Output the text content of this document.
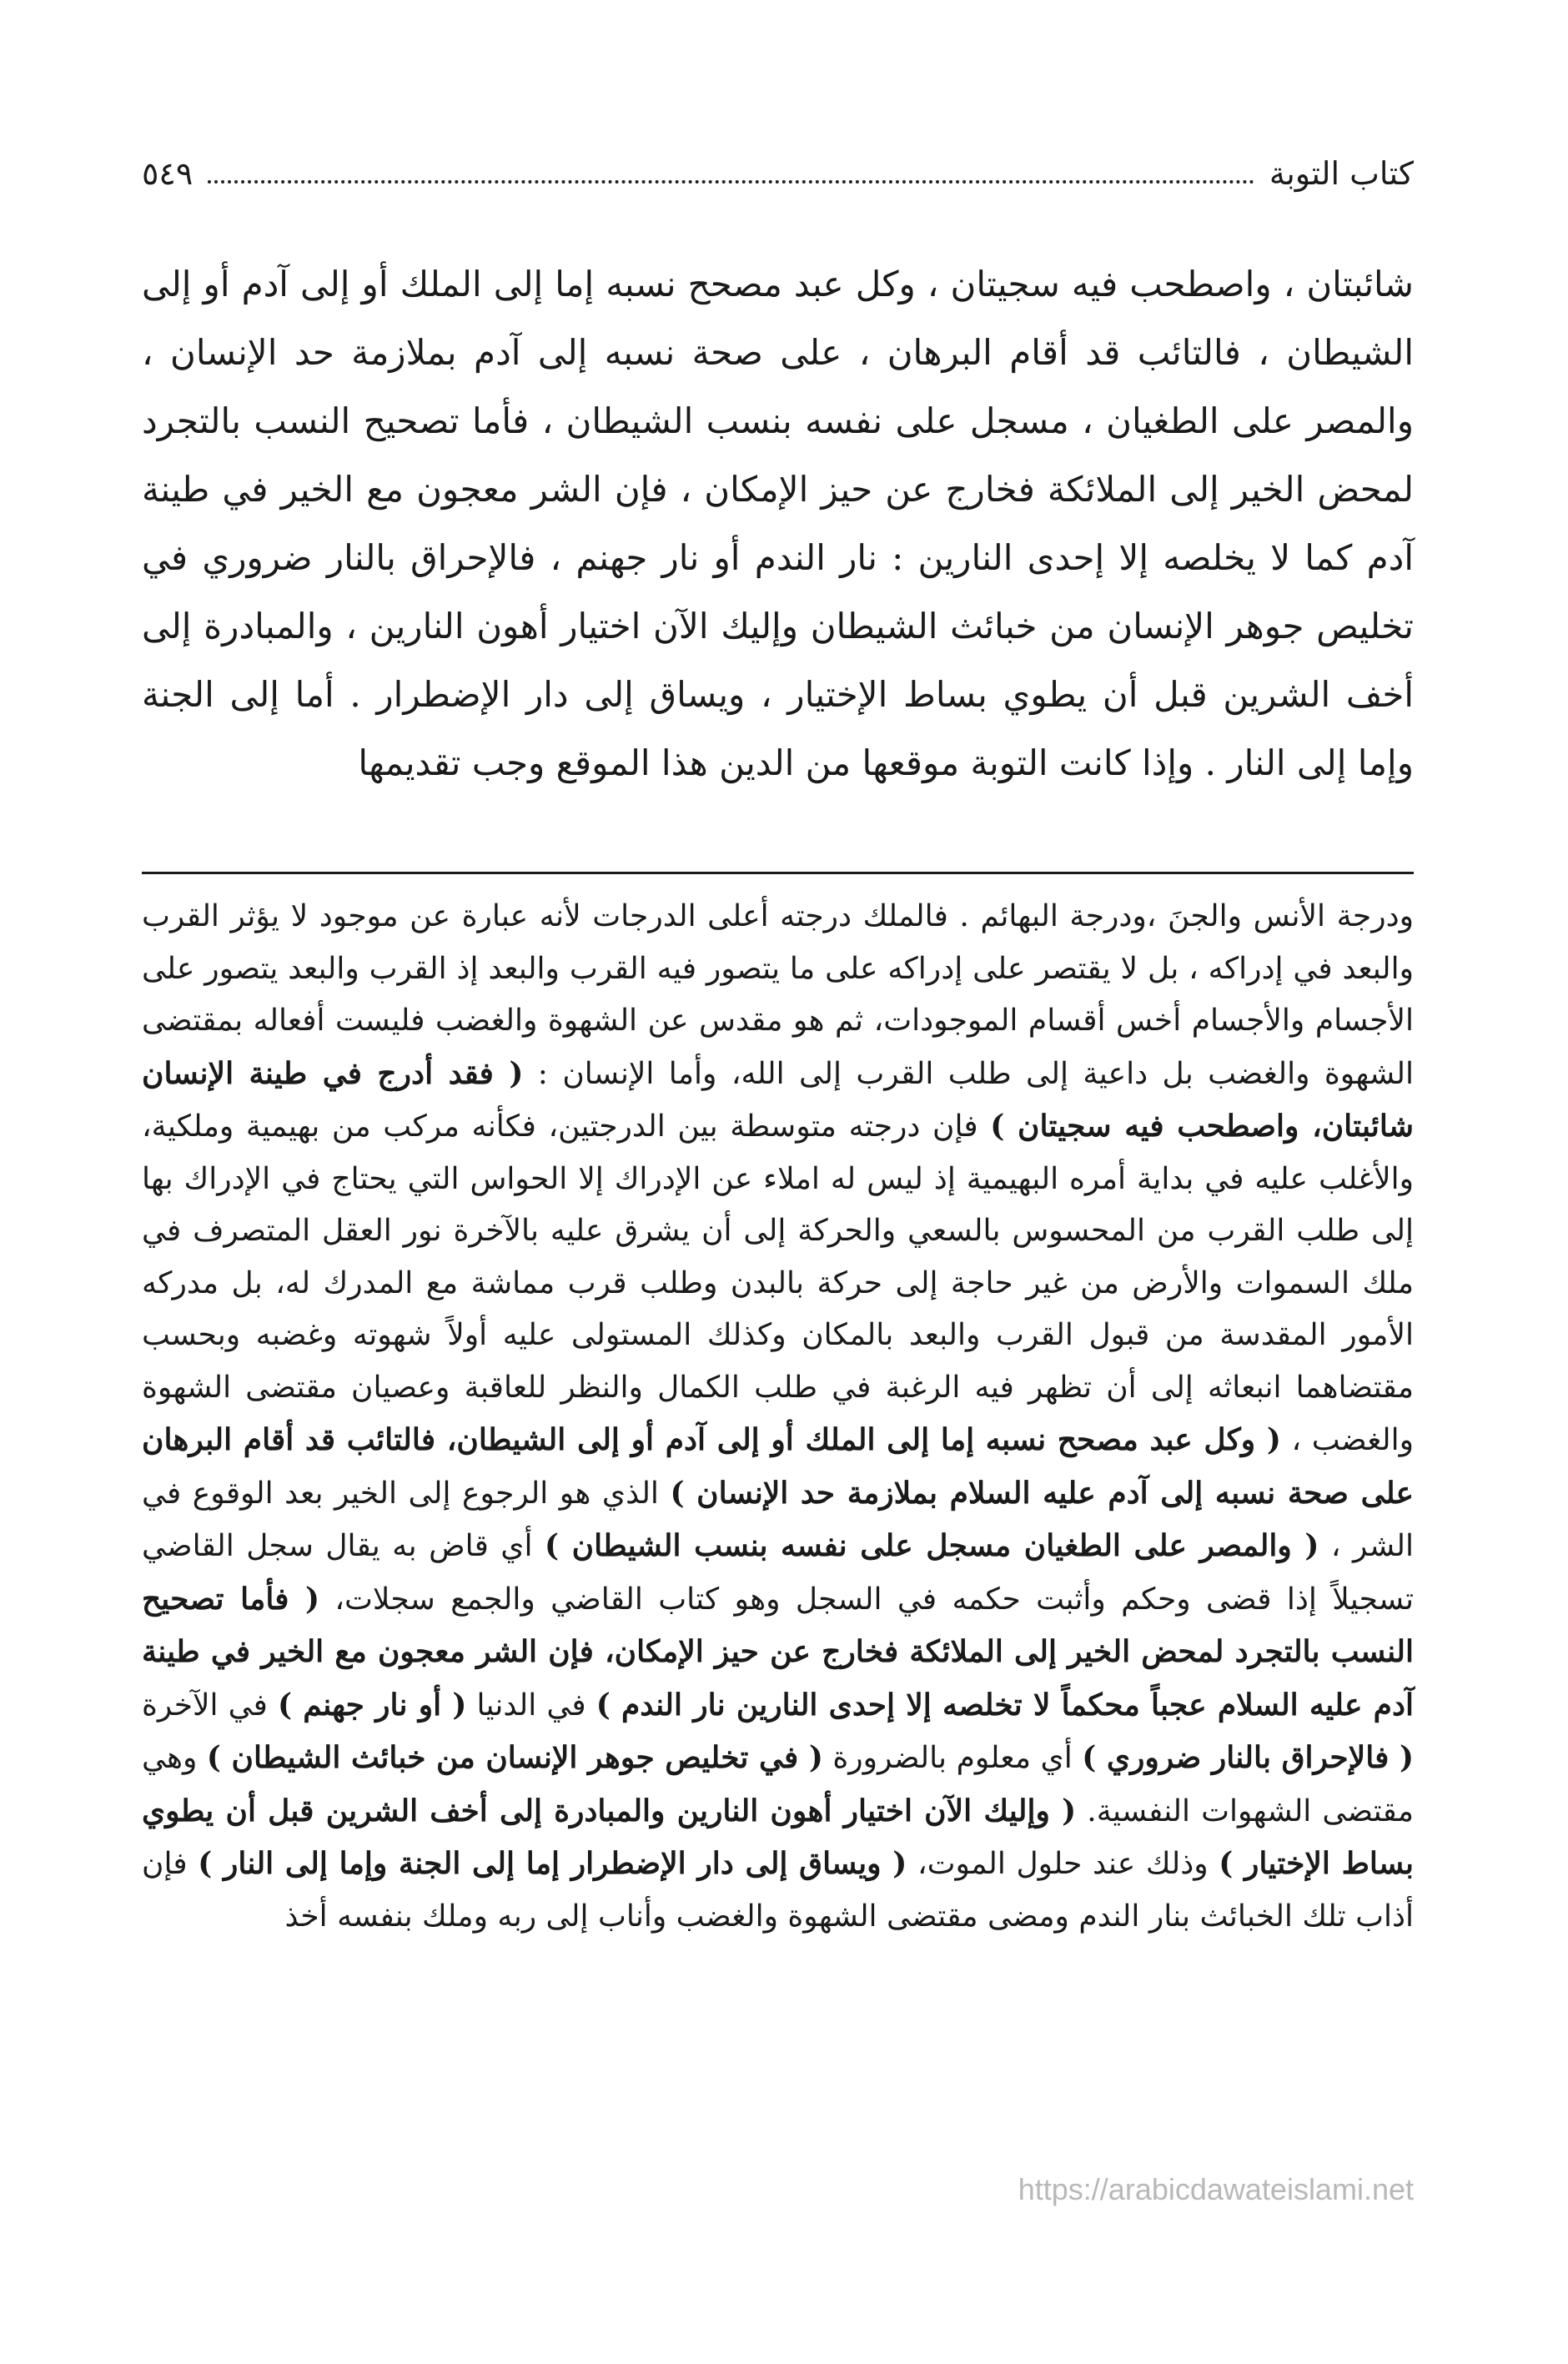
كتاب التوبة
٥٤٩

شائبتان ، واصطحب فيه سجيتان ، وكل عبد مصحح نسبه إما إلى الملك أو إلى آدم أو إلى الشيطان ، فالتائب قد أقام البرهان ، على صحة نسبه إلى آدم بملازمة حد الإنسان ، والمصر على الطغيان ، مسجل على نفسه بنسب الشيطان ، فأما تصحيح النسب بالتجرد لمحض الخير إلى الملائكة فخارج عن حيز الإمكان ، فإن الشر معجون مع الخير في طينة آدم كما لا يخلصه إلا إحدى النارين : نار الندم أو نار جهنم ، فالإحراق بالنار ضروري في تخليص جوهر الإنسان من خبائث الشيطان وإليك الآن اختيار أهون النارين ، والمبادرة إلى أخف الشرين قبل أن يطوي بساط الإختيار ، ويساق إلى دار الإضطرار . أما إلى الجنة وإما إلى النار . وإذا كانت التوبة موقعها من الدين هذا الموقع وجب تقديمها

ودرجة الأنس والجنَ ،ودرجة البهائم . فالملك درجته أعلى الدرجات لأنه عبارة عن موجود لا يؤثر القرب والبعد في إدراكه ، بل لا يقتصر على إدراكه على ما يتصور فيه القرب والبعد إذ القرب والبعد يتصور على الأجسام والأجسام أخس أقسام الموجودات، ثم هو مقدس عن الشهوة والغضب فليست أفعاله بمقتضى الشهوة والغضب بل داعية إلى طلب القرب إلى الله، وأما الإنسان : ( فقد أدرج في طينة الإنسان شائبتان، واصطحب فيه سجيتان ) فإن درجته متوسطة بين الدرجتين، فكأنه مركب من بهيمية وملكية، والأغلب عليه في بداية أمره البهيمية إذ ليس له املاء عن الإدراك إلا الحواس التي يحتاج في الإدراك بها إلى طلب القرب من المحسوس بالسعي والحركة إلى أن يشرق عليه بالآخرة نور العقل المتصرف في ملك السموات والأرض من غير حاجة إلى حركة بالبدن وطلب قرب مماشة مع المدرك له، بل مدركه الأمور المقدسة من قبول القرب والبعد بالمكان وكذلك المستولى عليه أولاً شهوته وغضبه وبحسب مقتضاهما انبعاثه إلى أن تظهر فيه الرغبة في طلب الكمال والنظر للعاقبة وعصيان مقتضى الشهوة والغضب ، ( وكل عبد مصحح نسبه إما إلى الملك أو إلى آدم أو إلى الشيطان، فالتائب قد أقام البرهان على صحة نسبه إلى آدم عليه السلام بملازمة حد الإنسان ) الذي هو الرجوع إلى الخير بعد الوقوع في الشر ، ( والمصر على الطغيان مسجل على نفسه بنسب الشيطان ) أي قاض به يقال سجل القاضي تسجيلاً إذا قضى وحكم وأثبت حكمه في السجل وهو كتاب القاضي والجمع سجلات، ( فأما تصحيح النسب بالتجرد لمحض الخير إلى الملائكة فخارج عن حيز الإمكان، فإن الشر معجون مع الخير في طينة آدم عليه السلام عجباً محكماً لا تخلصه إلا إحدى النارين نار الندم ) في الدنيا ( أو نار جهنم ) في الآخرة ( فالإحراق بالنار ضروري ) أي معلوم بالضرورة ( في تخليص جوهر الإنسان من خبائث الشيطان ) وهي مقتضى الشهوات النفسية. ( وإليك الآن اختيار أهون النارين والمبادرة إلى أخف الشرين قبل أن يطوي بساط الإختيار ) وذلك عند حلول الموت، ( ويساق إلى دار الإضطرار إما إلى الجنة وإما إلى النار ) فإن أذاب تلك الخبائث بنار الندم ومضى مقتضى الشهوة والغضب وأناب إلى ربه وملك بنفسه أخذ

https://arabicdawateislami.net
